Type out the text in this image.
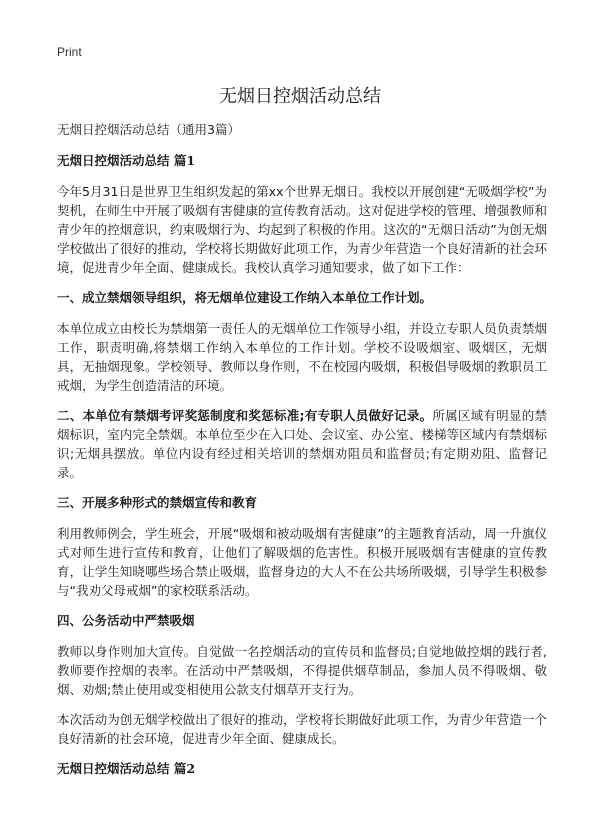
Print
无烟日控烟活动总结
无烟日控烟活动总结（通用3篇）
无烟日控烟活动总结 篇1
今年5月31日是世界卫生组织发起的第xx个世界无烟日。我校以开展创建“无吸烟学校”为契机，在师生中开展了吸烟有害健康的宣传教育活动。这对促进学校的管理、增强教师和青少年的控烟意识，约束吸烟行为、均起到了积极的作用。这次的“无烟日活动”为创无烟学校做出了很好的推动，学校将长期做好此项工作，为青少年营造一个良好清新的社会环境，促进青少年全面、健康成长。我校认真学习通知要求，做了如下工作：
一、成立禁烟领导组织，将无烟单位建设工作纳入本单位工作计划。
本单位成立由校长为禁烟第一责任人的无烟单位工作领导小组，并设立专职人员负责禁烟工作，职责明确,将禁烟工作纳入本单位的工作计划。学校不设吸烟室、吸烟区，无烟具，无抽烟现象。学校领导、教师以身作则，不在校园内吸烟，积极倡导吸烟的教职员工戒烟，为学生创造清洁的环境。
二、本单位有禁烟考评奖惩制度和奖惩标准;有专职人员做好记录。所属区域有明显的禁烟标识，室内完全禁烟。本单位至少在入口处、会议室、办公室、楼梯等区域内有禁烟标识;无烟具摆放。单位内设有经过相关培训的禁烟劝阻员和监督员;有定期劝阻、监督记录。
三、开展多种形式的禁烟宣传和教育
利用教师例会，学生班会，开展“吸烟和被动吸烟有害健康”的主题教育活动，周一升旗仪式对师生进行宣传和教育，让他们了解吸烟的危害性。积极开展吸烟有害健康的宣传教育，让学生知晓哪些场合禁止吸烟，监督身边的大人不在公共场所吸烟，引导学生积极参与“我劝父母戒烟”的家校联系活动。
四、公务活动中严禁吸烟
教师以身作则加大宣传。自觉做一名控烟活动的宣传员和监督员;自觉地做控烟的践行者,教师要作控烟的表率。在活动中严禁吸烟，不得提供烟草制品，参加人员不得吸烟、敬烟、劝烟;禁止使用或变相使用公款支付烟草开支行为。
本次活动为创无烟学校做出了很好的推动，学校将长期做好此项工作，为青少年营造一个良好清新的社会环境，促进青少年全面、健康成长。
无烟日控烟活动总结 篇2
